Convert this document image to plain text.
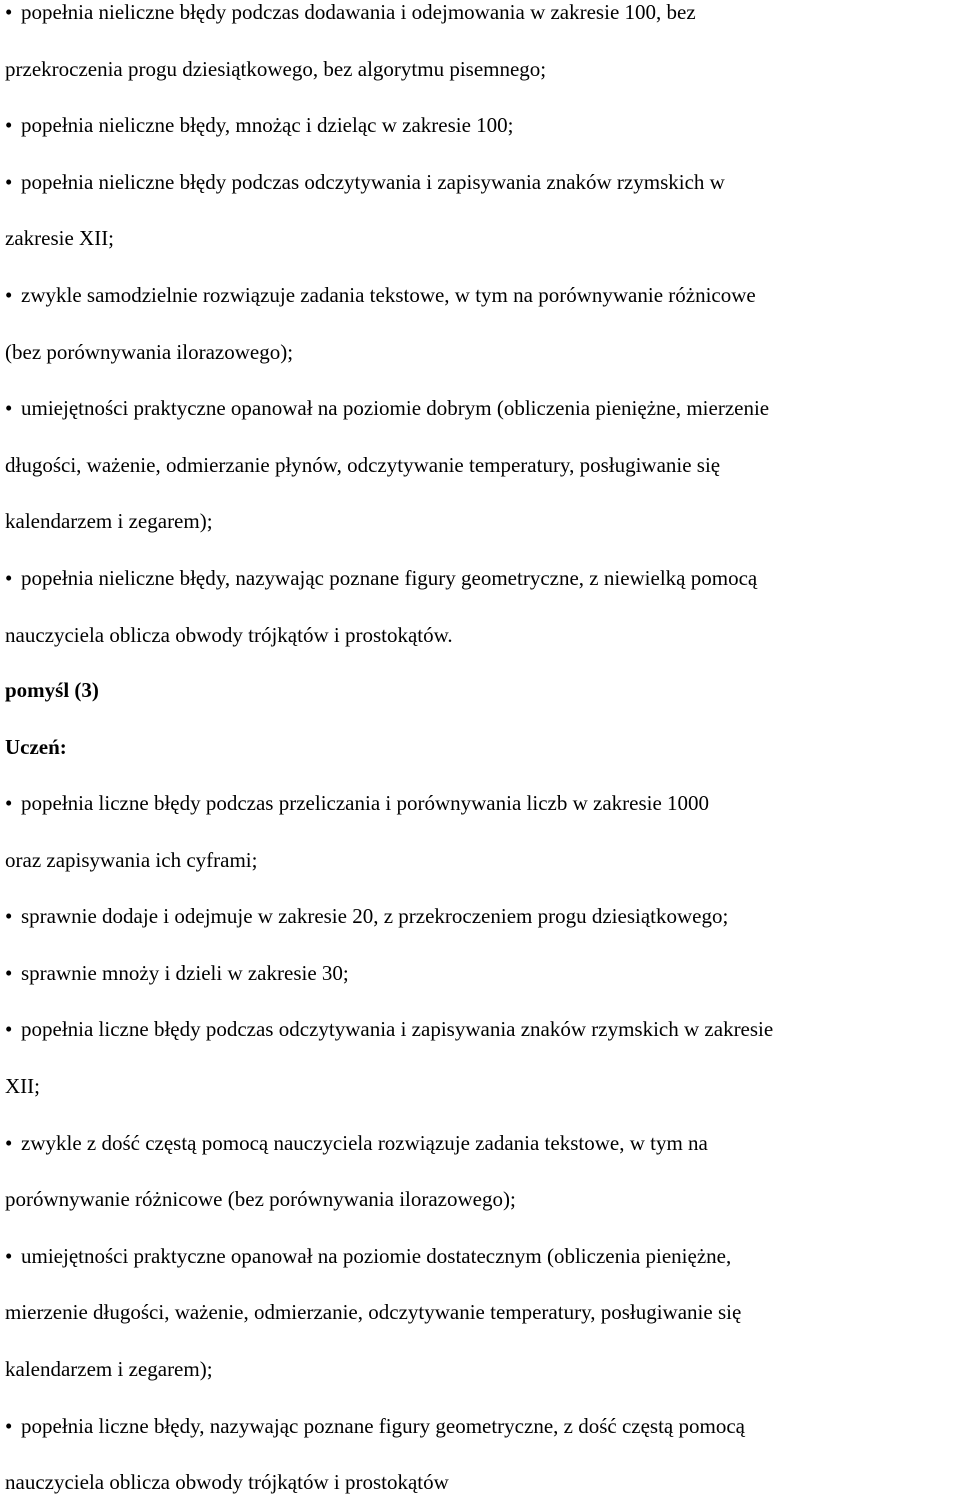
• popełnia nieliczne błędy podczas dodawania i odejmowania w zakresie 100, bez

przekroczenia progu dziesiątkowego, bez algorytmu pisemnego;

• popełnia nieliczne błędy, mnożąc i dzieląc w zakresie 100;

• popełnia nieliczne błędy podczas odczytywania i zapisywania znaków rzymskich w

zakresie XII;

• zwykle samodzielnie rozwiązuje zadania tekstowe, w tym na porównywanie różnicowe

(bez porównywania ilorazowego);

• umiejętności praktyczne opanował na poziomie dobrym (obliczenia pieniężne, mierzenie

długości, ważenie, odmierzanie płynów, odczytywanie temperatury, posługiwanie się

kalendarzem i zegarem);

• popełnia nieliczne błędy, nazywając poznane figury geometryczne, z niewielką pomocą

nauczyciela oblicza obwody trójkątów i prostokątów.

pomyśl (3)

Uczeń:

• popełnia liczne błędy podczas przeliczania i porównywania liczb w zakresie 1000

oraz zapisywania ich cyframi;

• sprawnie dodaje i odejmuje w zakresie 20, z przekroczeniem progu dziesiątkowego;

• sprawnie mnoży i dzieli w zakresie 30;

• popełnia liczne błędy podczas odczytywania i zapisywania znaków rzymskich w zakresie

XII;

• zwykle z dość częstą pomocą nauczyciela rozwiązuje zadania tekstowe, w tym na

porównywanie różnicowe (bez porównywania ilorazowego);

• umiejętności praktyczne opanował na poziomie dostatecznym (obliczenia pieniężne,

mierzenie długości, ważenie, odmierzanie, odczytywanie temperatury, posługiwanie się

kalendarzem i zegarem);

• popełnia liczne błędy, nazywając poznane figury geometryczne, z dość częstą pomocą

nauczyciela oblicza obwody trójkątów i prostokątów
